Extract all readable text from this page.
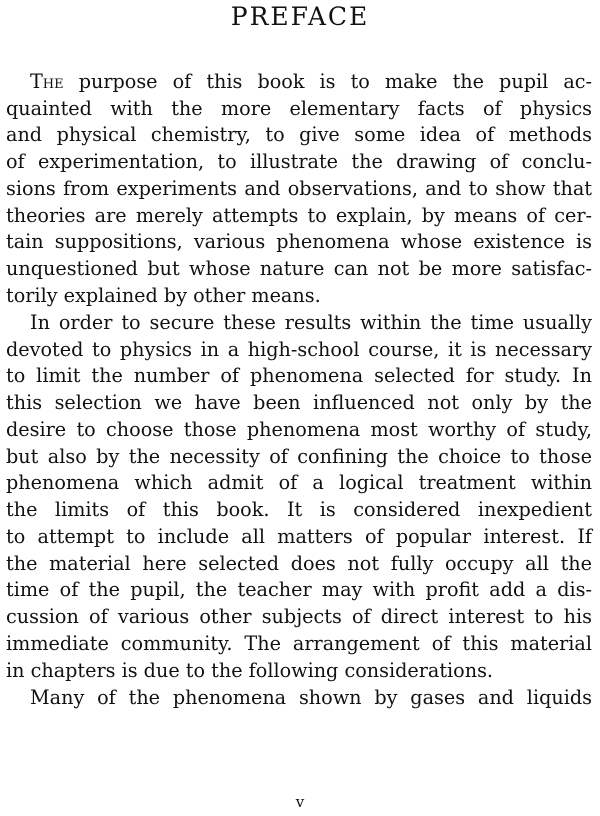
PREFACE
The purpose of this book is to make the pupil ac-
quainted with the more elementary facts of physics
and physical chemistry, to give some idea of methods
of experimentation, to illustrate the drawing of conclu-
sions from experiments and observations, and to show that
theories are merely attempts to explain, by means of cer-
tain suppositions, various phenomena whose existence is
unquestioned but whose nature can not be more satisfac-
torily explained by other means.
In order to secure these results within the time usually
devoted to physics in a high-school course, it is necessary
to limit the number of phenomena selected for study. In
this selection we have been influenced not only by the
desire to choose those phenomena most worthy of study,
but also by the necessity of confining the choice to those
phenomena which admit of a logical treatment within
the limits of this book. It is considered inexpedient
to attempt to include all matters of popular interest. If
the material here selected does not fully occupy all the
time of the pupil, the teacher may with profit add a dis-
cussion of various other subjects of direct interest to his
immediate community. The arrangement of this material
in chapters is due to the following considerations.
Many of the phenomena shown by gases and liquids
v
